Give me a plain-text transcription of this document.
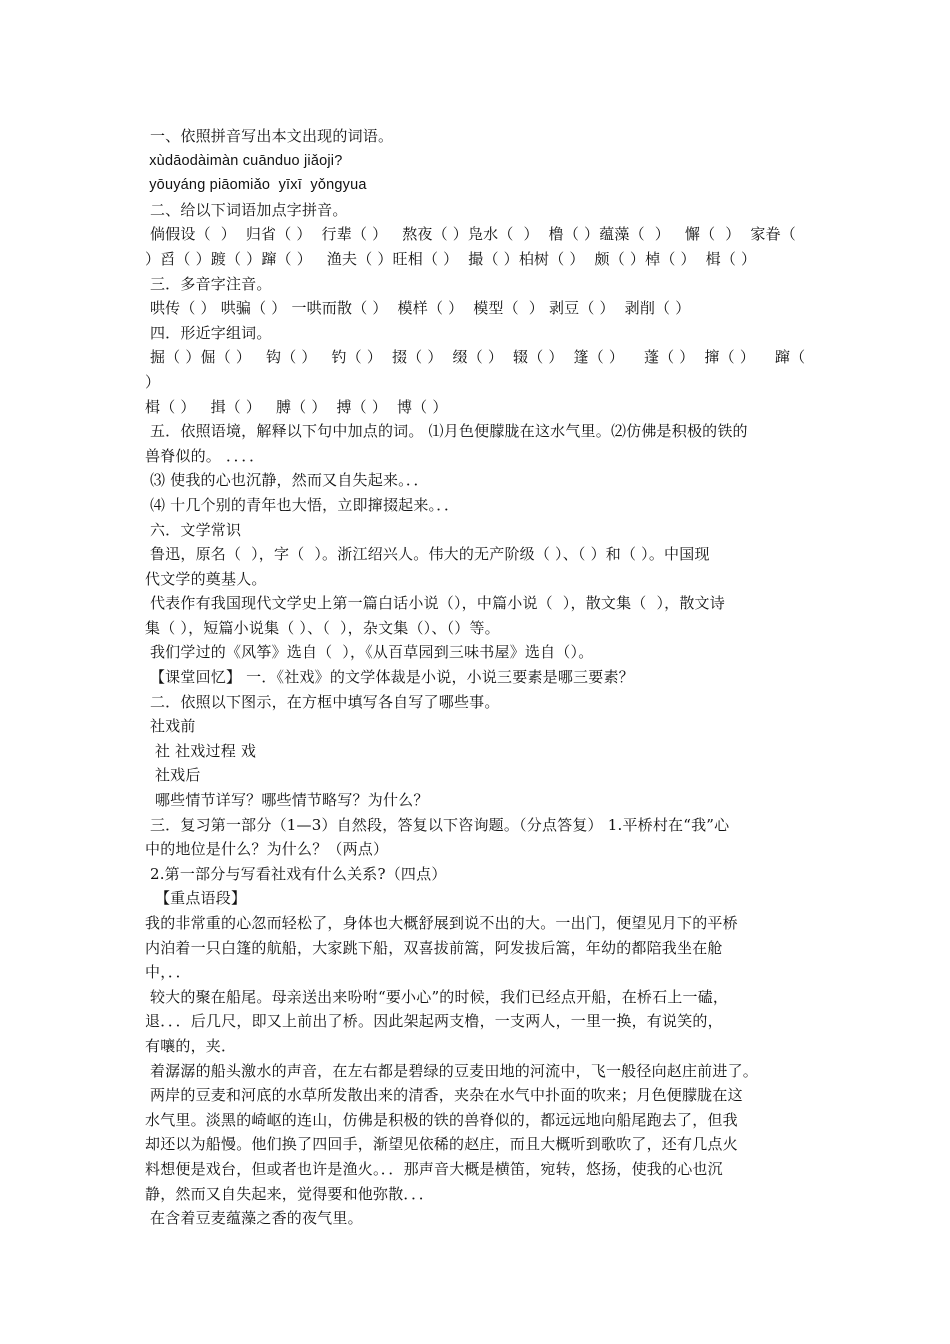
一、依照拼音写出本文出现的词语。
xùdāodàimàn cuānduo jiǎoji?
yōuyáng piāomiǎo  yīxī  yǒngyua
二、给以下词语加点字拼音。
倘假设（  ）  归省（ ）  行辈（ ）   熬夜（ ）凫水（  ）  橹（ ）蕴藻（  ）   懈（  ）  家眷（
）舀（ ）踱（ ）蹿（ ）   渔夫（ ）旺相（ ）  撮（ ）柏树（ ）  颇（ ）棹（ ）  楫（ ）
三．多音字注音。
哄传（ ） 哄骗（ ） 一哄而散（ ）  模样（ ）  模型（  ） 剥豆（ ）  剥削（ ）
四．形近字组词。
掘（ ）倔（ ）   钩（ ）   钓（ ）  掇（ ）  缀（ ）  辍（ ）  篷（ ）    蓬（ ）  撺（ ）    蹿（ ）
楫（ ）   揖（ ）   膊（ ）  搏（ ）  博（ ）
五．依照语境，解释以下句中加点的词。 ⑴月色便朦胧在这水气里。⑵仿佛是积极的铁的
兽脊似的。 ．．．．
⑶ 使我的心也沉静，然而又自失起来。．．
⑷ 十几个别的青年也大悟，立即撺掇起来。．．
六．文学常识
鲁迅，原名（  ），字（  ）。浙江绍兴人。伟大的无产阶级（ ）、（ ）和（ ）。中国现
代文学的奠基人。
代表作有我国现代文学史上第一篇白话小说（），中篇小说（  ），散文集（  ），散文诗
集（ ），短篇小说集（ ）、（  ），杂文集（）、（）等。
我们学过的《风筝》选自（  ），《从百草园到三味书屋》选自（）。
【课堂回忆】 一．《社戏》的文学体裁是小说，小说三要素是哪三要素？
二．依照以下图示，在方框中填写各自写了哪些事。
社戏前
社 社戏过程 戏
社戏后
哪些情节详写？哪些情节略写？为什么？
三．复习第一部分（1—3）自然段，答复以下咨询题。（分点答复） 1.平桥村在“我”心
中的地位是什么？为什么？（两点）
2.第一部分与写看社戏有什么关系?（四点）
【重点语段】
我的非常重的心忽而轻松了，身体也大概舒展到说不出的大。一出门，便望见月下的平桥
内泊着一只白篷的航船，大家跳下船，双喜拔前篙，阿发拔后篙，年幼的都陪我坐在舱
中，．．
较大的聚在船尾。母亲送出来吩咐“要小心”的时候，我们已经点开船，在桥石上一磕，
退．．．后几尺，即又上前出了桥。因此架起两支橹，一支两人，一里一换，有说笑的，
有嚷的，夹．
着潺潺的船头激水的声音，在左右都是碧绿的豆麦田地的河流中，飞一般径向赵庄前进了。
两岸的豆麦和河底的水草所发散出来的清香，夹杂在水气中扑面的吹来；月色便朦胧在这
水气里。淡黑的崎岖的连山，仿佛是积极的铁的兽脊似的，都远远地向船尾跑去了，但我
却还以为船慢。他们换了四回手，渐望见依稀的赵庄，而且大概听到歌吹了，还有几点火
料想便是戏台，但或者也许是渔火。．．那声音大概是横笛，宛转，悠扬，使我的心也沉
静，然而又自失起来，觉得要和他弥散．．．
在含着豆麦蕴藻之香的夜气里。
